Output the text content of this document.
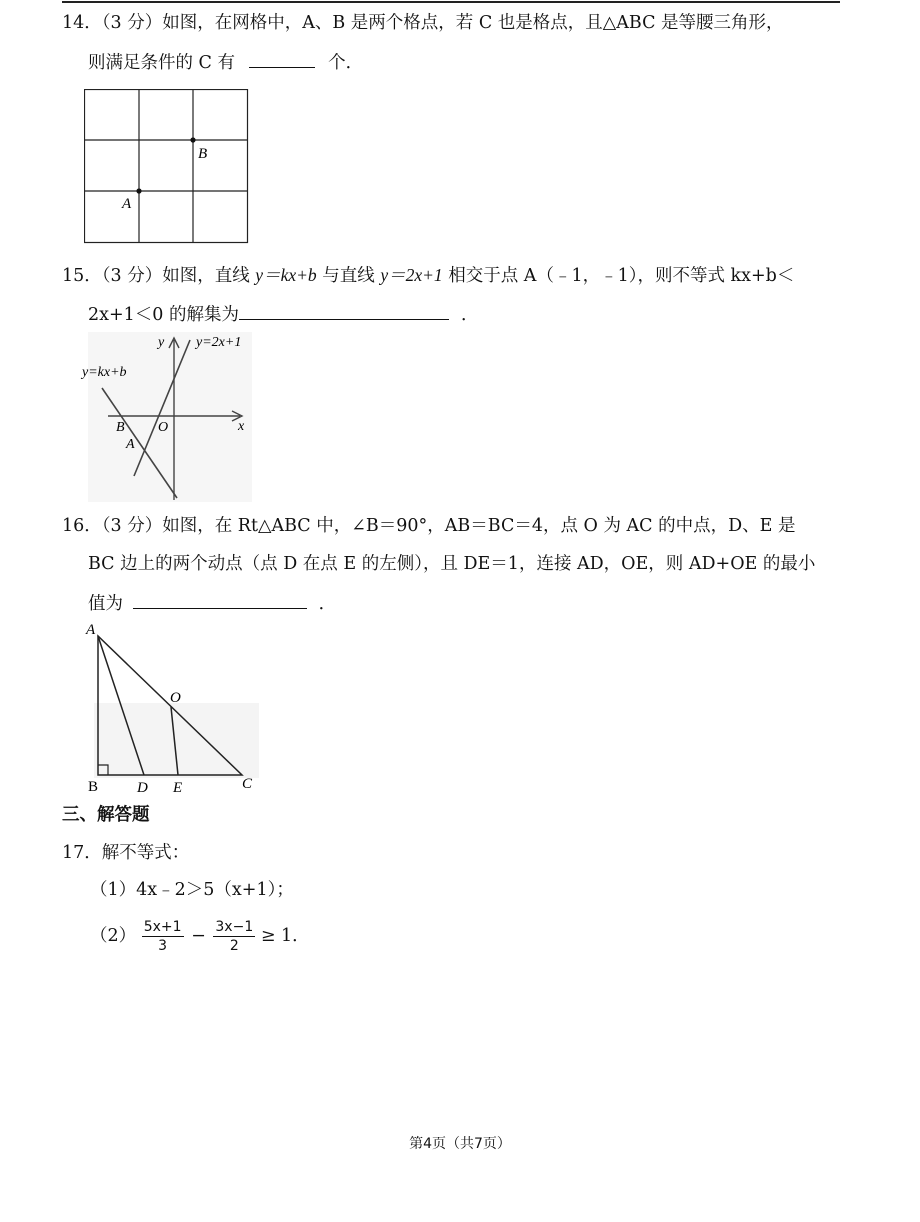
14．（3 分）如图，在网格中，A、B 是两个格点，若 C 也是格点，且△ABC 是等腰三角形，
则满足条件的 C 有	个．
B
A
15．（3 分）如图，直线 y＝kx+b 与直线 y＝2x+1 相交于点 A（﹣1，﹣1），则不等式 kx+b＜
2x+1＜0 的解集为	．
y=2x+1
y=kx+b
y
x
B O
A
16．（3 分）如图，在 Rt△ABC 中，∠B＝90°，AB＝BC＝4，点 O 为 AC 的中点，D、E 是
BC 边上的两个动点（点 D 在点 E 的左侧），且 DE＝1，连接 AD，OE，则 AD+OE 的最小
值为	．
A
O
B	D E	C
三、解答题
17．解不等式：
（1）4x﹣2＞5（x+1）；
$(2) \frac{5x+1}{3} - \frac{3x-1}{2} \ge 1$．
第4页（共7页）
